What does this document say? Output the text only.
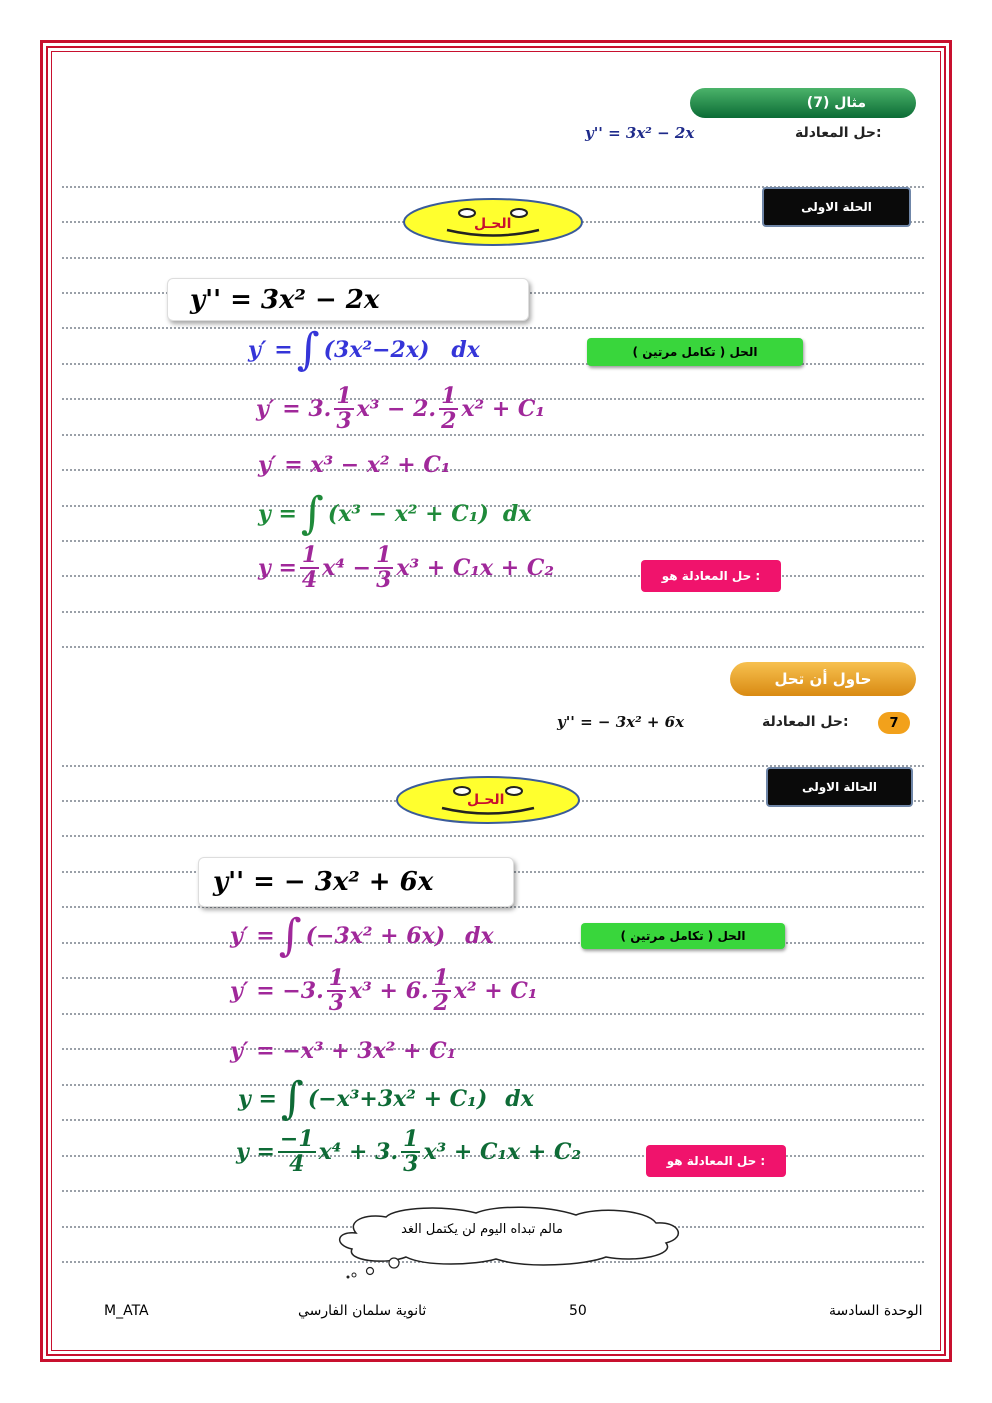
مثال (7)
حل المعادلة:
y'' = 3x² − 2x
الحلة الاولى
الحـل
y'' = 3x² − 2x
الحل ( تكامل مرتين )
y′ = ∫ (3x²−2x) dx
y′ = 3. $\frac{1}{3} x^3 - 2$. $\frac{1}{2} x^2 + C_1$
y′ = x³ − x² + C₁
y = ∫ (x³ − x² + C₁) dx
$y = \frac{1}{4} x^4 - \frac{1}{3} x^3 + C_1x + C_2$	حل المعادلة هو :
حاول أن تحل
7
حل المعادلة:
y'' = − 3x² + 6x
الحالة الاولى
الحـل
y'' = − 3x² + 6x
الحل ( تكامل مرتين )
y′ = ∫ (−3x² + 6x) dx
y′ = −3. $\frac{1}{3} x^3 + 6$. $\frac{1}{2} x^2 + C_1$
y′ = −x³ + 3x² + C₁
y = ∫ (−x³+3x² + C₁) dx
$y = \frac{-1}{4} x^4 + 3$. $\frac{1}{3} x^3 + C_1x + C_2$	حل المعادلة هو :
مالم تبداه اليوم لن يكتمل الغد
الوحدة السادسة
50
ثانوية سلمان الفارسي
M_ATA
